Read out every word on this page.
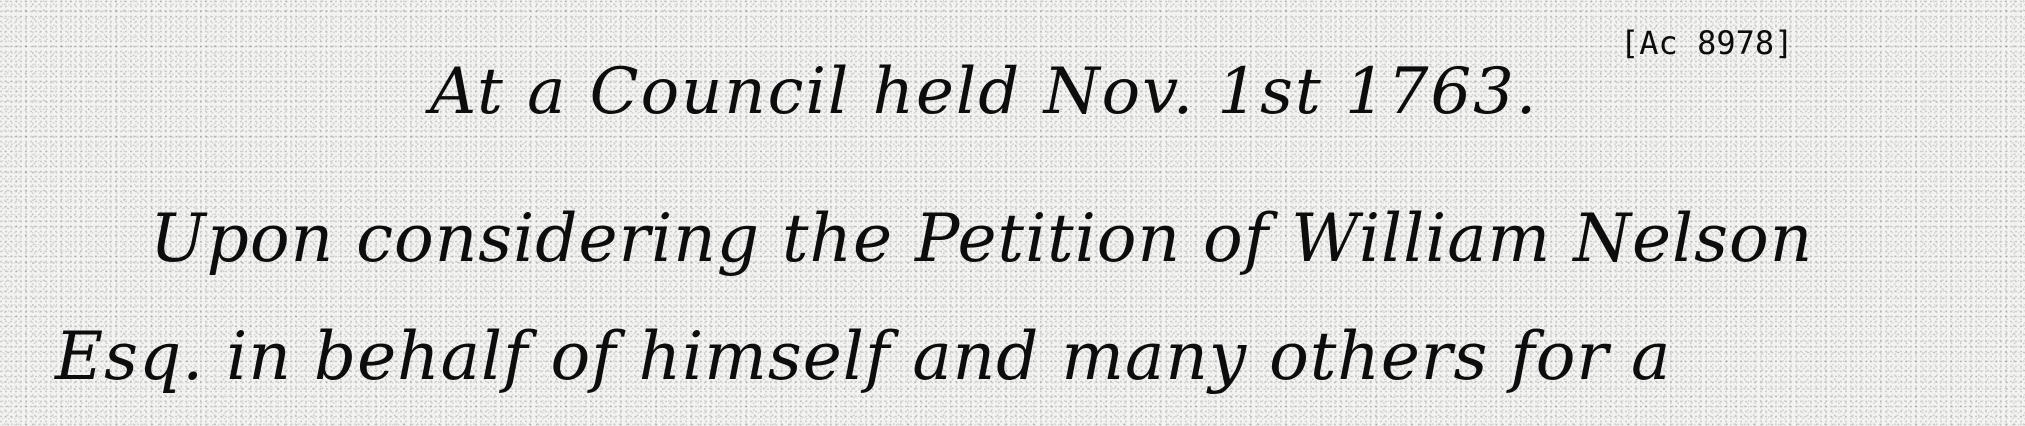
[Ac 8978]

At a Council held Nov. 1st 1763.

Upon considering the Petition of William Nelson

Esq. in behalf of himself and many others for a
